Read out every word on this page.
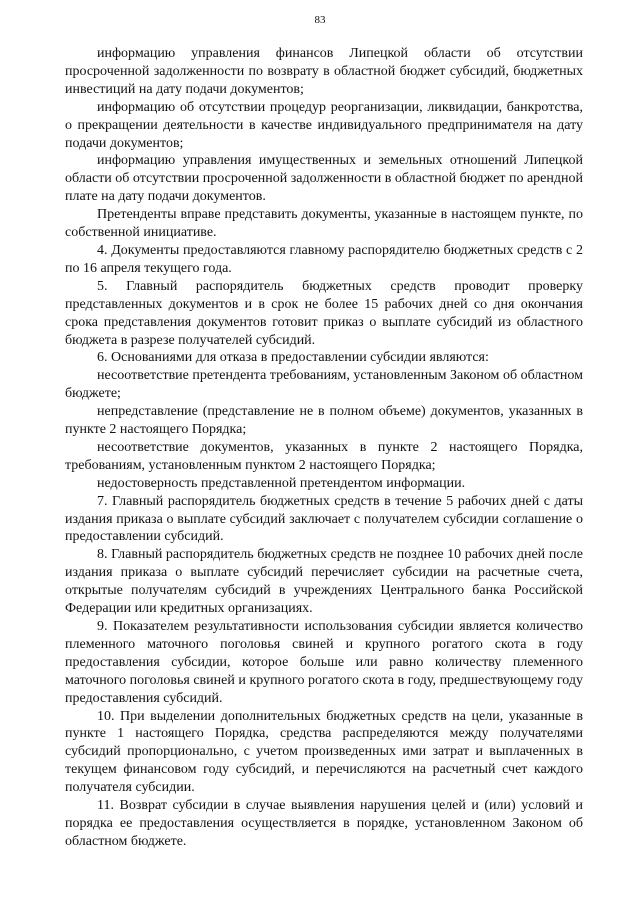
83

информацию управления финансов Липецкой области об отсутствии просроченной задолженности по возврату в областной бюджет субсидий, бюджетных инвестиций на дату подачи документов;

информацию об отсутствии процедур реорганизации, ликвидации, банкротства, о прекращении деятельности в качестве индивидуального предпринимателя на дату подачи документов;

информацию управления имущественных и земельных отношений Липецкой области об отсутствии просроченной задолженности в областной бюджет по арендной плате на дату подачи документов.

Претенденты вправе представить документы, указанные в настоящем пункте, по собственной инициативе.

4. Документы предоставляются главному распорядителю бюджетных средств с 2 по 16 апреля текущего года.

5. Главный распорядитель бюджетных средств проводит проверку представленных документов и в срок не более 15 рабочих дней со дня окончания срока представления документов готовит приказ о выплате субсидий из областного бюджета в разрезе получателей субсидий.

6. Основаниями для отказа в предоставлении субсидии являются:

несоответствие претендента требованиям, установленным Законом об областном бюджете;

непредставление (представление не в полном объеме) документов, указанных в пункте 2 настоящего Порядка;

несоответствие документов, указанных в пункте 2 настоящего Порядка, требованиям, установленным пунктом 2 настоящего Порядка;

недостоверность представленной претендентом информации.

7. Главный распорядитель бюджетных средств в течение 5 рабочих дней с даты издания приказа о выплате субсидий заключает с получателем субсидии соглашение о предоставлении субсидий.

8. Главный распорядитель бюджетных средств не позднее 10 рабочих дней после издания приказа о выплате субсидий перечисляет субсидии на расчетные счета, открытые получателям субсидий в учреждениях Центрального банка Российской Федерации или кредитных организациях.

9. Показателем результативности использования субсидии является количество племенного маточного поголовья свиней и крупного рогатого скота в году предоставления субсидии, которое больше или равно количеству племенного маточного поголовья свиней и крупного рогатого скота в году, предшествующему году предоставления субсидий.

10. При выделении дополнительных бюджетных средств на цели, указанные в пункте 1 настоящего Порядка, средства распределяются между получателями субсидий пропорционально, с учетом произведенных ими затрат и выплаченных в текущем финансовом году субсидий, и перечисляются на расчетный счет каждого получателя субсидии.

11. Возврат субсидии в случае выявления нарушения целей и (или) условий и порядка ее предоставления осуществляется в порядке, установленном Законом об областном бюджете.
